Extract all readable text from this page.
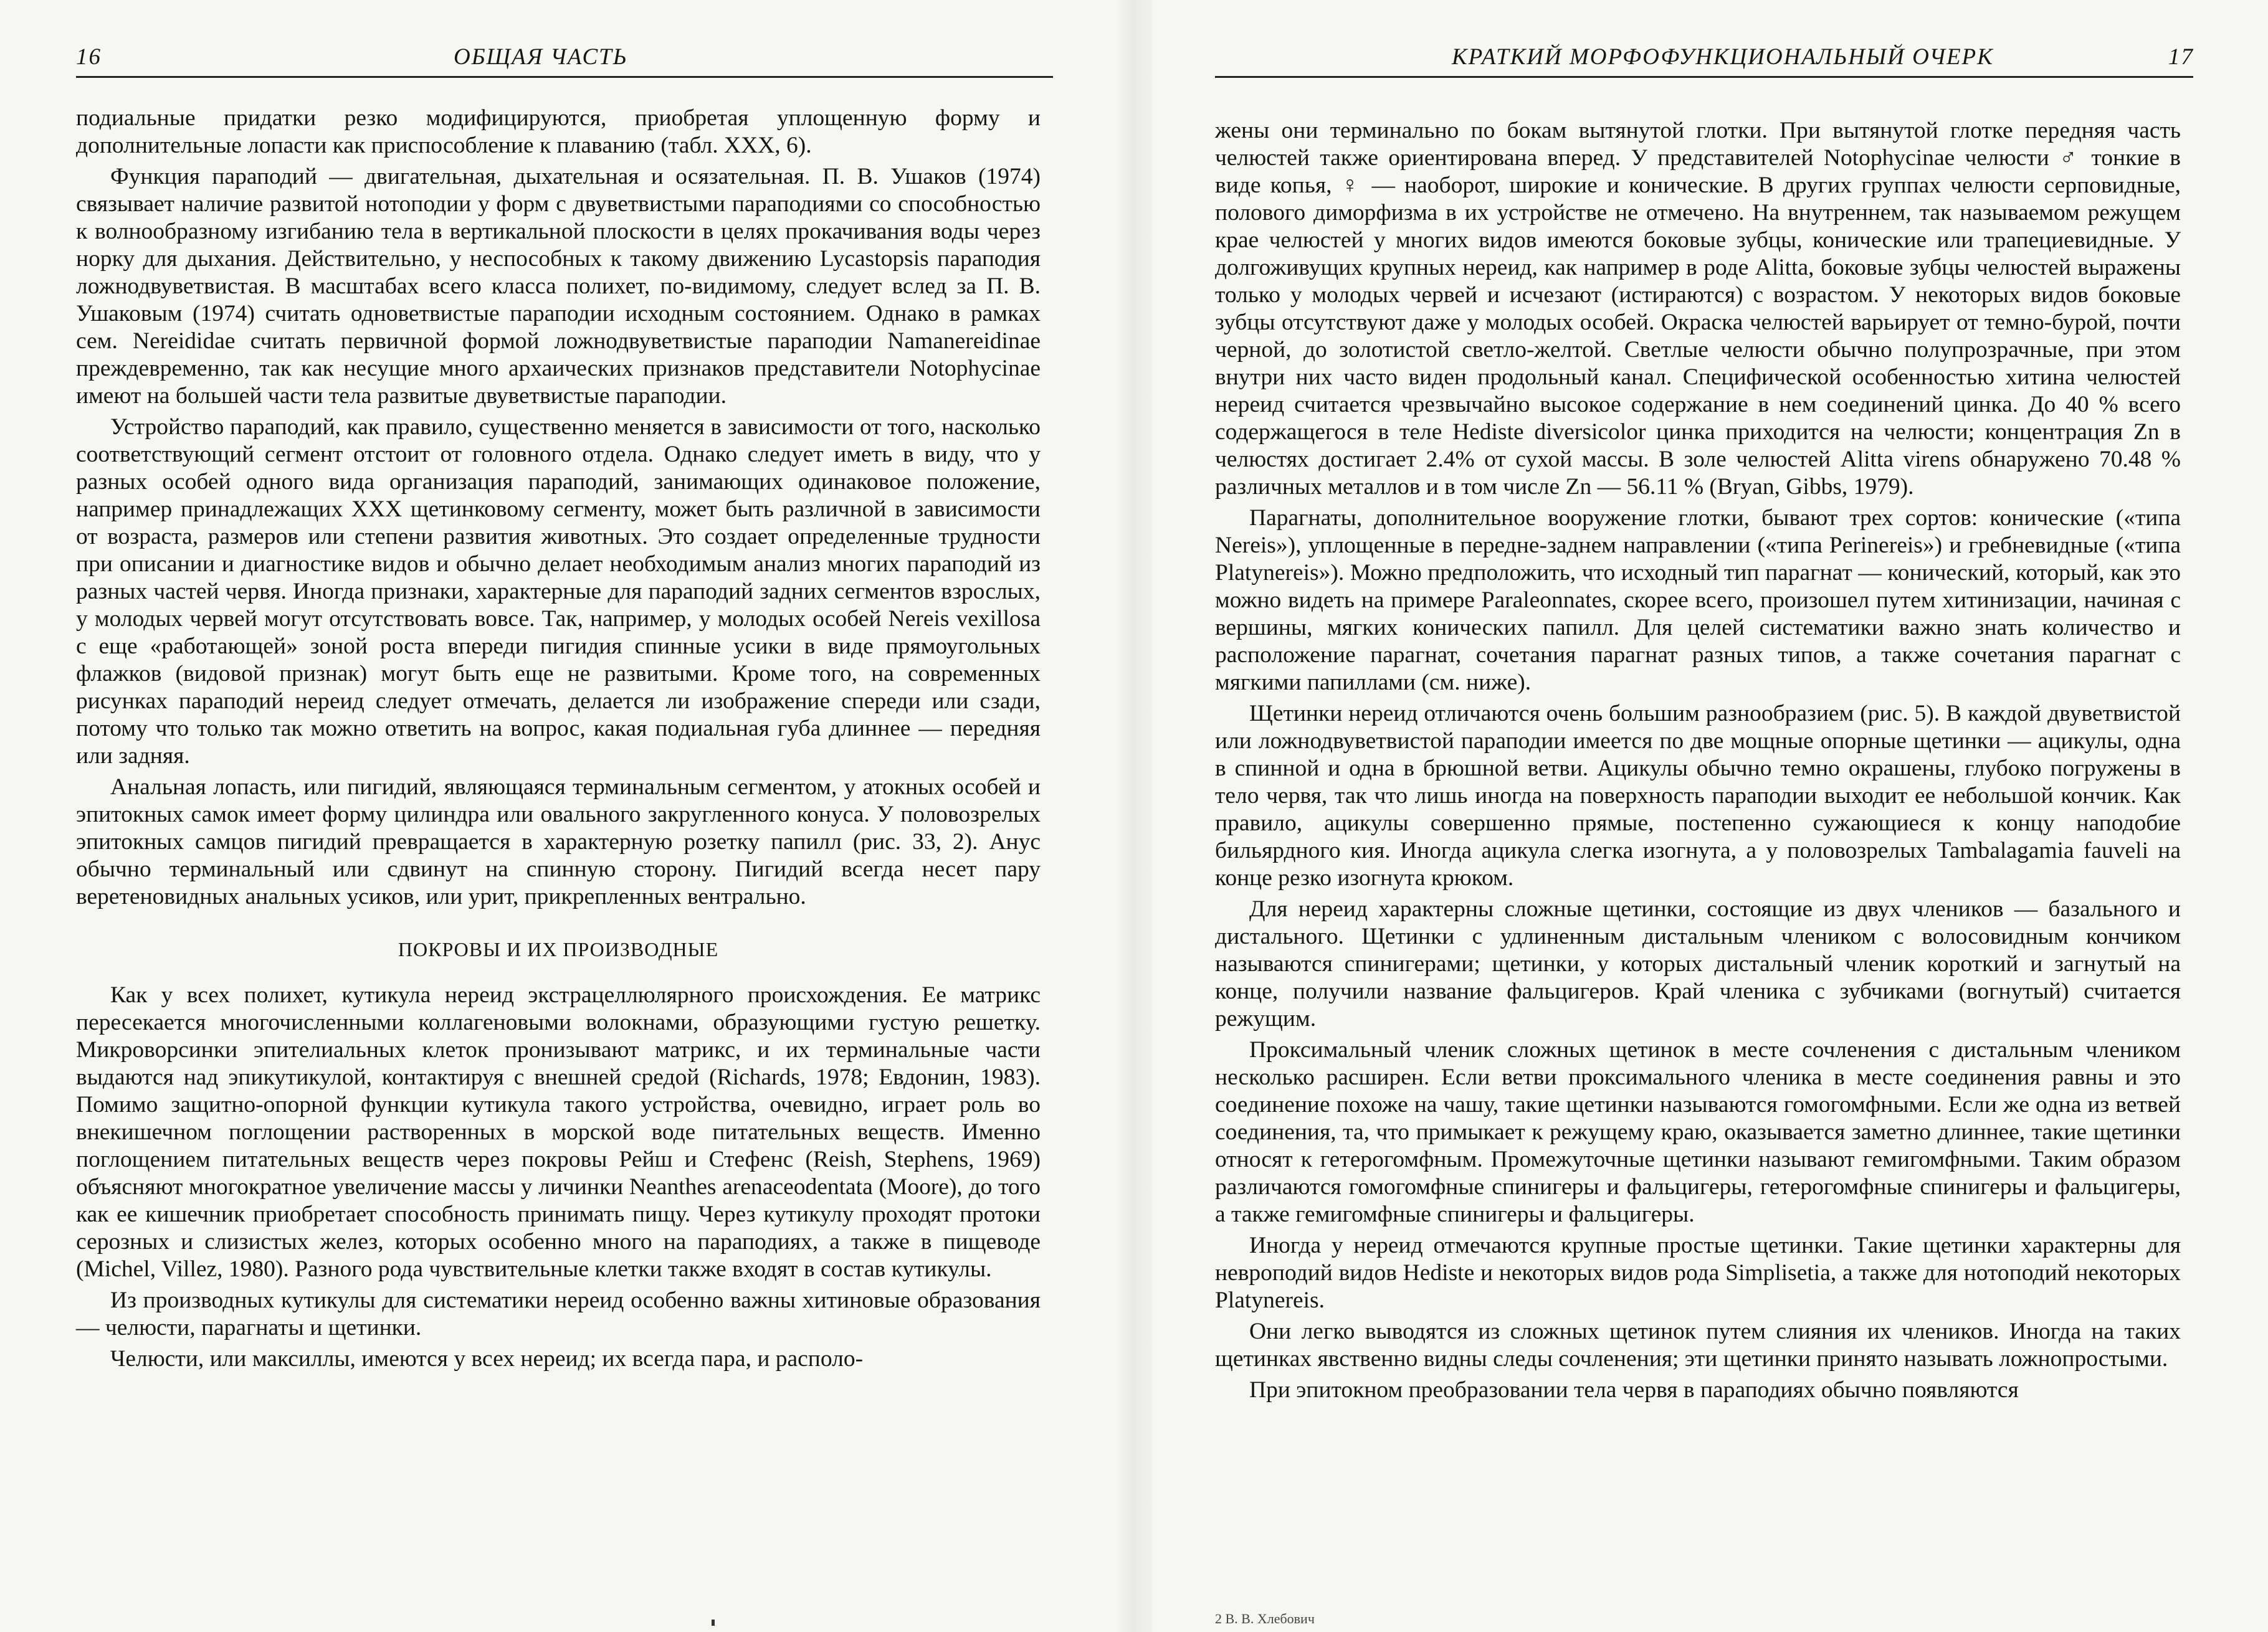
16	ОБЩАЯ ЧАСТЬ

подиальные придатки резко модифицируются, приобретая уплощенную форму и дополнительные лопасти как приспособление к плаванию (табл. XXX, 6).

Функция параподий — двигательная, дыхательная и осязательная. П. В. Ушаков (1974) связывает наличие развитой нотоподии у форм с двуветвистыми параподиями со способностью к волнообразному изгибанию тела в вертикальной плоскости в целях прокачивания воды через норку для дыхания. Действительно, у неспособных к такому движению Lycastopsis параподия ложнодвуветвистая. В масштабах всего класса полихет, по-видимому, следует вслед за П. В. Ушаковым (1974) считать одноветвистые параподии исходным состоянием. Однако в рамках сем. Nereididae считать первичной формой ложнодвуветвистые параподии Namanereidinae преждевременно, так как несущие много архаических признаков представители Notophycinae имеют на большей части тела развитые двуветвистые параподии.

Устройство параподий, как правило, существенно меняется в зависимости от того, насколько соответствующий сегмент отстоит от головного отдела. Однако следует иметь в виду, что у разных особей одного вида организация параподий, занимающих одинаковое положение, например принадлежащих XXX щетинковому сегменту, может быть различной в зависимости от возраста, размеров или степени развития животных. Это создает определенные трудности при описании и диагностике видов и обычно делает необходимым анализ многих параподий из разных частей червя. Иногда признаки, характерные для параподий задних сегментов взрослых, у молодых червей могут отсутствовать вовсе. Так, например, у молодых особей Nereis vexillosa с еще «работающей» зоной роста впереди пигидия спинные усики в виде прямоугольных флажков (видовой признак) могут быть еще не развитыми. Кроме того, на современных рисунках параподий нереид следует отмечать, делается ли изображение спереди или сзади, потому что только так можно ответить на вопрос, какая подиальная губа длиннее — передняя или задняя.

Анальная лопасть, или пигидий, являющаяся терминальным сегментом, у атокных особей и эпитокных самок имеет форму цилиндра или овального закругленного конуса. У половозрелых эпитокных самцов пигидий превращается в характерную розетку папилл (рис. 33, 2). Анус обычно терминальный или сдвинут на спинную сторону. Пигидий всегда несет пару веретеновидных анальных усиков, или урит, прикрепленных вентрально.

ПОКРОВЫ И ИХ ПРОИЗВОДНЫЕ

Как у всех полихет, кутикула нереид экстрацеллюлярного происхождения. Ее матрикс пересекается многочисленными коллагеновыми волокнами, образующими густую решетку. Микроворсинки эпителиальных клеток пронизывают матрикс, и их терминальные части выдаются над эпикутикулой, контактируя с внешней средой (Richards, 1978; Евдонин, 1983). Помимо защитно-опорной функции кутикула такого устройства, очевидно, играет роль во внекишечном поглощении растворенных в морской воде питательных веществ. Именно поглощением питательных веществ через покровы Рейш и Стефенс (Reish, Stephens, 1969) объясняют многократное увеличение массы у личинки Neanthes arenaceodentata (Moore), до того как ее кишечник приобретает способность принимать пищу. Через кутикулу проходят протоки серозных и слизистых желез, которых особенно много на параподиях, а также в пищеводе (Michel, Villez, 1980). Разного рода чувствительные клетки также входят в состав кутикулы.

Из производных кутикулы для систематики нереид особенно важны хитиновые образования — челюсти, парагнаты и щетинки.

Челюсти, или максиллы, имеются у всех нереид; их всегда пара, и располо-

КРАТКИЙ МОРФОФУНКЦИОНАЛЬНЫЙ ОЧЕРК	17

жены они терминально по бокам вытянутой глотки. При вытянутой глотке передняя часть челюстей также ориентирована вперед. У представителей Notophycinae челюсти ♂ тонкие в виде копья, ♀ — наоборот, широкие и конические. В других группах челюсти серповидные, полового диморфизма в их устройстве не отмечено. На внутреннем, так называемом режущем крае челюстей у многих видов имеются боковые зубцы, конические или трапециевидные. У долгоживущих крупных нереид, как например в роде Alitta, боковые зубцы челюстей выражены только у молодых червей и исчезают (истираются) с возрастом. У некоторых видов боковые зубцы отсутствуют даже у молодых особей. Окраска челюстей варьирует от темно-бурой, почти черной, до золотистой светло-желтой. Светлые челюсти обычно полупрозрачные, при этом внутри них часто виден продольный канал. Специфической особенностью хитина челюстей нереид считается чрезвычайно высокое содержание в нем соединений цинка. До 40 % всего содержащегося в теле Hediste diversicolor цинка приходится на челюсти; концентрация Zn в челюстях достигает 2.4% от сухой массы. В золе челюстей Alitta virens обнаружено 70.48 % различных металлов и в том числе Zn — 56.11 % (Bryan, Gibbs, 1979).

Парагнаты, дополнительное вооружение глотки, бывают трех сортов: конические («типа Nereis»), уплощенные в передне-заднем направлении («типа Perinereis») и гребневидные («типа Platynereis»). Можно предположить, что исходный тип парагнат — конический, который, как это можно видеть на примере Paraleonnates, скорее всего, произошел путем хитинизации, начиная с вершины, мягких конических папилл. Для целей систематики важно знать количество и расположение парагнат, сочетания парагнат разных типов, а также сочетания парагнат с мягкими папиллами (см. ниже).

Щетинки нереид отличаются очень большим разнообразием (рис. 5). В каждой двуветвистой или ложнодвуветвистой параподии имеется по две мощные опорные щетинки — ацикулы, одна в спинной и одна в брюшной ветви. Ацикулы обычно темно окрашены, глубоко погружены в тело червя, так что лишь иногда на поверхность параподии выходит ее небольшой кончик. Как правило, ацикулы совершенно прямые, постепенно сужающиеся к концу наподобие бильярдного кия. Иногда ацикула слегка изогнута, а у половозрелых Tambalagamia fauveli на конце резко изогнута крюком.

Для нереид характерны сложные щетинки, состоящие из двух члеников — базального и дистального. Щетинки с удлиненным дистальным члеником с волосовидным кончиком называются спинигерами; щетинки, у которых дистальный членик короткий и загнутый на конце, получили название фальцигеров. Край членика с зубчиками (вогнутый) считается режущим.

Проксимальный членик сложных щетинок в месте сочленения с дистальным члеником несколько расширен. Если ветви проксимального членика в месте соединения равны и это соединение похоже на чашу, такие щетинки называются гомогомфными. Если же одна из ветвей соединения, та, что примыкает к режущему краю, оказывается заметно длиннее, такие щетинки относят к гетерогомфным. Промежуточные щетинки называют гемигомфными. Таким образом различаются гомогомфные спинигеры и фальцигеры, гетерогомфные спинигеры и фальцигеры, а также гемигомфные спинигеры и фальцигеры.

Иногда у нереид отмечаются крупные простые щетинки. Такие щетинки характерны для невроподий видов Hediste и некоторых видов рода Simplisetia, а также для нотоподий некоторых Platynereis.

Они легко выводятся из сложных щетинок путем слияния их члеников. Иногда на таких щетинках явственно видны следы сочленения; эти щетинки принято называть ложнопростыми.

При эпитокном преобразовании тела червя в параподиях обычно появляются

2 В. В. Хлебович
